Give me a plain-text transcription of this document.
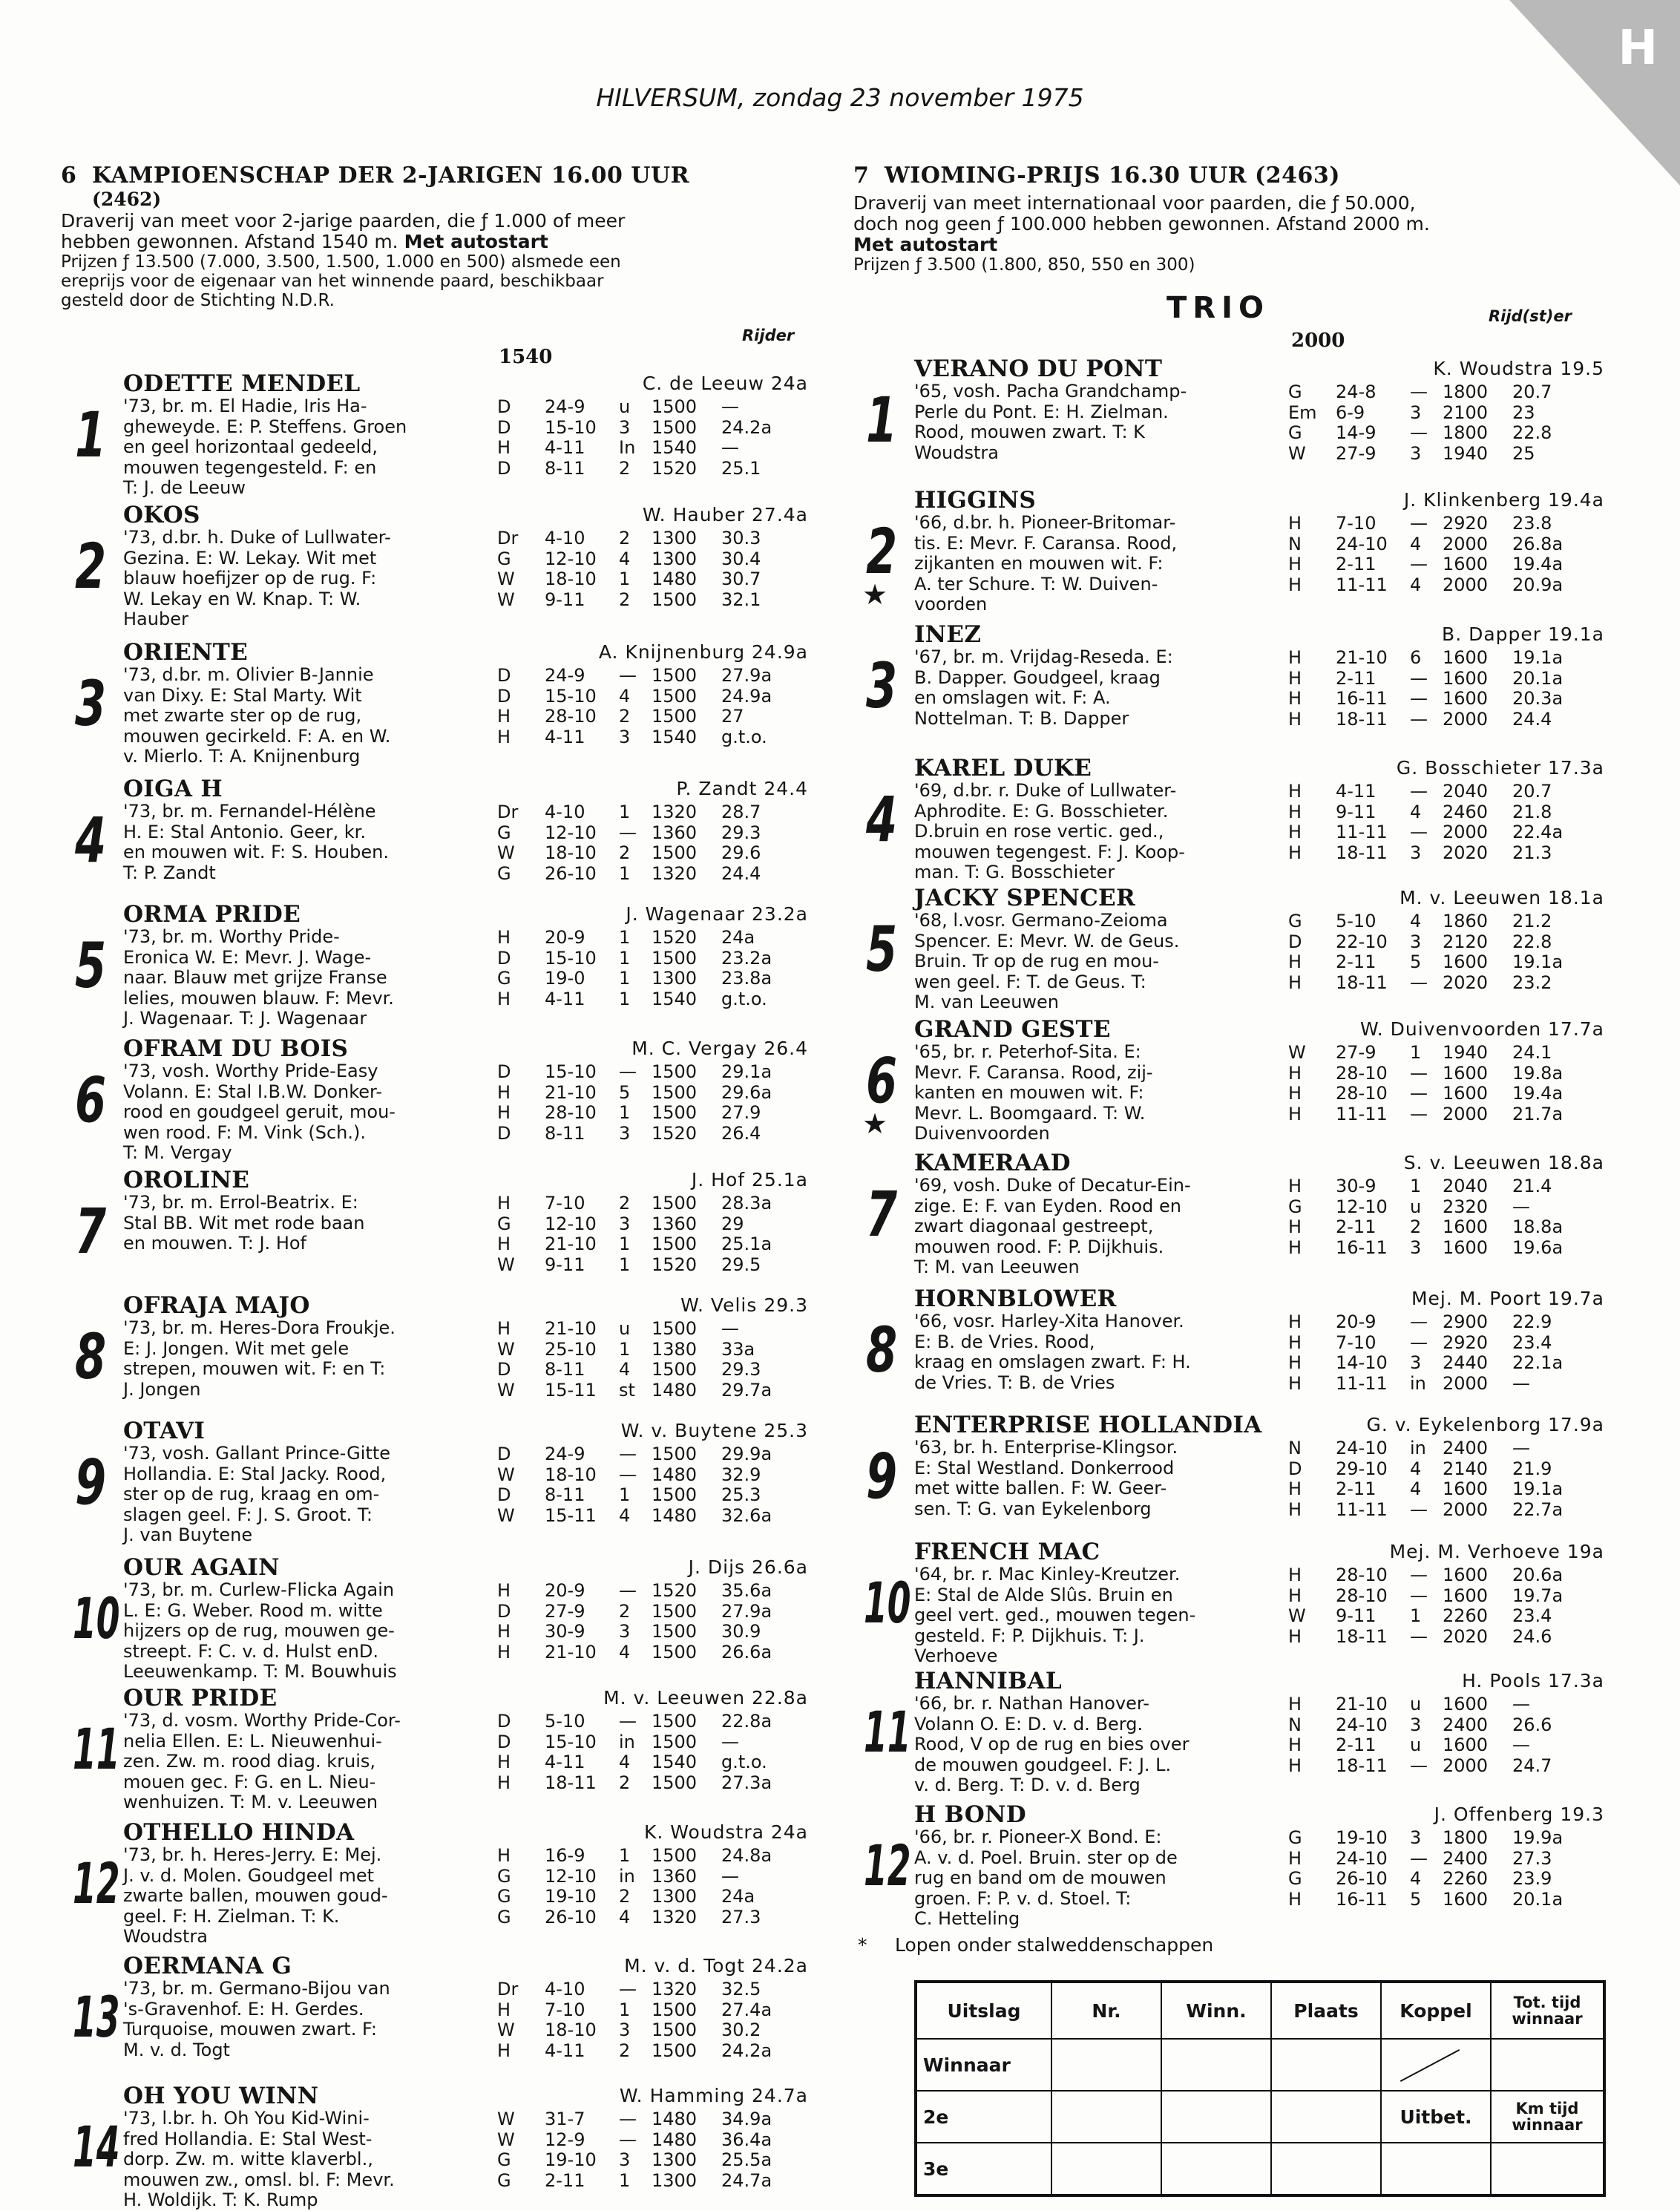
H
HILVERSUM, zondag 23 november 1975
6 KAMPIOENSCHAP DER 2-JARIGEN 16.00 UUR
(2462)
Draverij van meet voor 2-jarige paarden, die ƒ 1.000 of meer
hebben gewonnen. Afstand 1540 m. Met autostart
Prijzen ƒ 13.500 (7.000, 3.500, 1.500, 1.000 en 500) alsmede een
ereprijs voor de eigenaar van het winnende paard, beschikbaar
gesteld door de Stichting N.D.R.
Rijder
1540
7 WIOMING-PRIJS 16.30 UUR (2463)
Draverij van meet internationaal voor paarden, die ƒ 50.000,
doch nog geen ƒ 100.000 hebben gewonnen. Afstand 2000 m.
Met autostart
Prijzen ƒ 3.500 (1.800, 850, 550 en 300)
TRIO	Rijd(st)er
2000
1
ODETTE MENDEL	C. de Leeuw 24a
'73, br. m. El Hadie, Iris Ha-
gheweyde. E: P. Steffens. Groen
en geel horizontaal gedeeld,
mouwen tegengesteld. F: en
T: J. de Leeuw
D	24-9	u	1500	—
D	15-10	3	1500	24.2a
H	4-11	In	1540	—
D	8-11	2	1520	25.1
2
OKOS	W. Hauber 27.4a
'73, d.br. h. Duke of Lullwater-
Gezina. E: W. Lekay. Wit met
blauw hoefijzer op de rug. F:
W. Lekay en W. Knap. T: W.
Hauber
Dr	4-10	2	1300	30.3
G	12-10	4	1300	30.4
W	18-10	1	1480	30.7
W	9-11	2	1500	32.1
3
ORIENTE	A. Knijnenburg 24.9a
'73, d.br. m. Olivier B-Jannie
van Dixy. E: Stal Marty. Wit
met zwarte ster op de rug,
mouwen gecirkeld. F: A. en W.
v. Mierlo. T: A. Knijnenburg
D	24-9	—	1500	27.9a
D	15-10	4	1500	24.9a
H	28-10	2	1500	27
H	4-11	3	1540	g.t.o.
4
OIGA H	P. Zandt 24.4
'73, br. m. Fernandel-Hélène
H. E: Stal Antonio. Geer, kr.
en mouwen wit. F: S. Houben.
T: P. Zandt
Dr	4-10	1	1320	28.7
G	12-10	—	1360	29.3
W	18-10	2	1500	29.6
G	26-10	1	1320	24.4
5
ORMA PRIDE	J. Wagenaar 23.2a
'73, br. m. Worthy Pride-
Eronica W. E: Mevr. J. Wage-
naar. Blauw met grijze Franse
lelies, mouwen blauw. F: Mevr.
J. Wagenaar. T: J. Wagenaar
H	20-9	1	1520	24a
D	15-10	1	1500	23.2a
G	19-0	1	1300	23.8a
H	4-11	1	1540	g.t.o.
6
OFRAM DU BOIS	M. C. Vergay 26.4
'73, vosh. Worthy Pride-Easy
Volann. E: Stal I.B.W. Donker-
rood en goudgeel geruit, mou-
wen rood. F: M. Vink (Sch.).
T: M. Vergay
D	15-10	—	1500	29.1a
H	21-10	5	1500	29.6a
H	28-10	1	1500	27.9
D	8-11	3	1520	26.4
7
OROLINE	J. Hof 25.1a
'73, br. m. Errol-Beatrix. E:
Stal BB. Wit met rode baan
en mouwen. T: J. Hof
H	7-10	2	1500	28.3a
G	12-10	3	1360	29
H	21-10	1	1500	25.1a
W	9-11	1	1520	29.5
8
OFRAJA MAJO	W. Velis 29.3
'73, br. m. Heres-Dora Froukje.
E: J. Jongen. Wit met gele
strepen, mouwen wit. F: en T:
J. Jongen
H	21-10	u	1500	—
W	25-10	1	1380	33a
D	8-11	4	1500	29.3
W	15-11	st	1480	29.7a
9
OTAVI	W. v. Buytene 25.3
'73, vosh. Gallant Prince-Gitte
Hollandia. E: Stal Jacky. Rood,
ster op de rug, kraag en om-
slagen geel. F: J. S. Groot. T:
J. van Buytene
D	24-9	—	1500	29.9a
W	18-10	—	1480	32.9
D	8-11	1	1500	25.3
W	15-11	4	1480	32.6a
10
OUR AGAIN	J. Dijs 26.6a
'73, br. m. Curlew-Flicka Again
L. E: G. Weber. Rood m. witte
hijzers op de rug, mouwen ge-
streept. F: C. v. d. Hulst enD.
Leeuwenkamp. T: M. Bouwhuis
H	20-9	—	1520	35.6a
D	27-9	2	1500	27.9a
H	30-9	3	1500	30.9
H	21-10	4	1500	26.6a
11
OUR PRIDE	M. v. Leeuwen 22.8a
'73, d. vosm. Worthy Pride-Cor-
nelia Ellen. E: L. Nieuwenhui-
zen. Zw. m. rood diag. kruis,
mouen gec. F: G. en L. Nieu-
wenhuizen. T: M. v. Leeuwen
D	5-10	—	1500	22.8a
D	15-10	in	1500	—
H	4-11	4	1540	g.t.o.
H	18-11	2	1500	27.3a
12
OTHELLO HINDA	K. Woudstra 24a
'73, br. h. Heres-Jerry. E: Mej.
J. v. d. Molen. Goudgeel met
zwarte ballen, mouwen goud-
geel. F: H. Zielman. T: K.
Woudstra
H	16-9	1	1500	24.8a
G	12-10	in	1360	—
G	19-10	2	1300	24a
G	26-10	4	1320	27.3
13
OERMANA G	M. v. d. Togt 24.2a
'73, br. m. Germano-Bijou van
's-Gravenhof. E: H. Gerdes.
Turquoise, mouwen zwart. F:
M. v. d. Togt
Dr	4-10	—	1320	32.5
H	7-10	1	1500	27.4a
W	18-10	3	1500	30.2
H	4-11	2	1500	24.2a
14
OH YOU WINN	W. Hamming 24.7a
'73, l.br. h. Oh You Kid-Wini-
fred Hollandia. E: Stal West-
dorp. Zw. m. witte klaverbl.,
mouwen zw., omsl. bl. F: Mevr.
H. Woldijk. T: K. Rump
W	31-7	—	1480	34.9a
W	12-9	—	1480	36.4a
G	19-10	3	1300	25.5a
G	2-11	1	1300	24.7a
1
VERANO DU PONT	K. Woudstra 19.5
'65, vosh. Pacha Grandchamp-
Perle du Pont. E: H. Zielman.
Rood, mouwen zwart. T: K
Woudstra
G	24-8	—	1800	20.7
Em	6-9	3	2100	23
G	14-9	—	1800	22.8
W	27-9	3	1940	25
2
★
HIGGINS	J. Klinkenberg 19.4a
'66, d.br. h. Pioneer-Britomar-
tis. E: Mevr. F. Caransa. Rood,
zijkanten en mouwen wit. F:
A. ter Schure. T: W. Duiven-
voorden
H	7-10	—	2920	23.8
N	24-10	4	2000	26.8a
H	2-11	—	1600	19.4a
H	11-11	4	2000	20.9a
3
INEZ	B. Dapper 19.1a
'67, br. m. Vrijdag-Reseda. E:
B. Dapper. Goudgeel, kraag
en omslagen wit. F: A.
Nottelman. T: B. Dapper
H	21-10	6	1600	19.1a
H	2-11	—	1600	20.1a
H	16-11	—	1600	20.3a
H	18-11	—	2000	24.4
4
KAREL DUKE	G. Bosschieter 17.3a
'69, d.br. r. Duke of Lullwater-
Aphrodite. E: G. Bosschieter.
D.bruin en rose vertic. ged.,
mouwen tegengest. F: J. Koop-
man. T: G. Bosschieter
H	4-11	—	2040	20.7
H	9-11	4	2460	21.8
H	11-11	—	2000	22.4a
H	18-11	3	2020	21.3
5
JACKY SPENCER	M. v. Leeuwen 18.1a
'68, l.vosr. Germano-Zeioma
Spencer. E: Mevr. W. de Geus.
Bruin. Tr op de rug en mou-
wen geel. F: T. de Geus. T:
M. van Leeuwen
G	5-10	4	1860	21.2
D	22-10	3	2120	22.8
H	2-11	5	1600	19.1a
H	18-11	—	2020	23.2
6
★
GRAND GESTE	W. Duivenvoorden 17.7a
'65, br. r. Peterhof-Sita. E:
Mevr. F. Caransa. Rood, zij-
kanten en mouwen wit. F:
Mevr. L. Boomgaard. T: W.
Duivenvoorden
W	27-9	1	1940	24.1
H	28-10	—	1600	19.8a
H	28-10	—	1600	19.4a
H	11-11	—	2000	21.7a
7
KAMERAAD	S. v. Leeuwen 18.8a
'69, vosh. Duke of Decatur-Ein-
zige. E: F. van Eyden. Rood en
zwart diagonaal gestreept,
mouwen rood. F: P. Dijkhuis.
T: M. van Leeuwen
H	30-9	1	2040	21.4
G	12-10	u	2320	—
H	2-11	2	1600	18.8a
H	16-11	3	1600	19.6a
8
HORNBLOWER	Mej. M. Poort 19.7a
'66, vosr. Harley-Xita Hanover.
E: B. de Vries. Rood,
kraag en omslagen zwart. F: H.
de Vries. T: B. de Vries
H	20-9	—	2900	22.9
H	7-10	—	2920	23.4
H	14-10	3	2440	22.1a
H	11-11	in	2000	—
9
ENTERPRISE HOLLANDIA	G. v. Eykelenborg 17.9a
'63, br. h. Enterprise-Klingsor.
E: Stal Westland. Donkerrood
met witte ballen. F: W. Geer-
sen. T: G. van Eykelenborg
N	24-10	in	2400	—
D	29-10	4	2140	21.9
H	2-11	4	1600	19.1a
H	11-11	—	2000	22.7a
10
FRENCH MAC	Mej. M. Verhoeve 19a
'64, br. r. Mac Kinley-Kreutzer.
E: Stal de Alde Slûs. Bruin en
geel vert. ged., mouwen tegen-
gesteld. F: P. Dijkhuis. T: J.
Verhoeve
H	28-10	—	1600	20.6a
H	28-10	—	1600	19.7a
W	9-11	1	2260	23.4
H	18-11	—	2020	24.6
11
HANNIBAL	H. Pools 17.3a
'66, br. r. Nathan Hanover-
Volann O. E: D. v. d. Berg.
Rood, V op de rug en bies over
de mouwen goudgeel. F: J. L.
v. d. Berg. T: D. v. d. Berg
H	21-10	u	1600	—
N	24-10	3	2400	26.6
H	2-11	u	1600	—
H	18-11	—	2000	24.7
12
H BOND	J. Offenberg 19.3
'66, br. r. Pioneer-X Bond. E:
A. v. d. Poel. Bruin. ster op de
rug en band om de mouwen
groen. F: P. v. d. Stoel. T:
C. Hetteling
G	19-10	3	1800	19.9a
H	24-10	—	2400	27.3
G	26-10	4	2260	23.9
H	16-11	5	1600	20.1a
* Lopen onder stalweddenschappen
Uitslag	Nr.	Winn.	Plaats	Koppel	Tot. tijd winnaar
Winnaar					
2e				Uitbet.	Km tijd winnaar
3e					
